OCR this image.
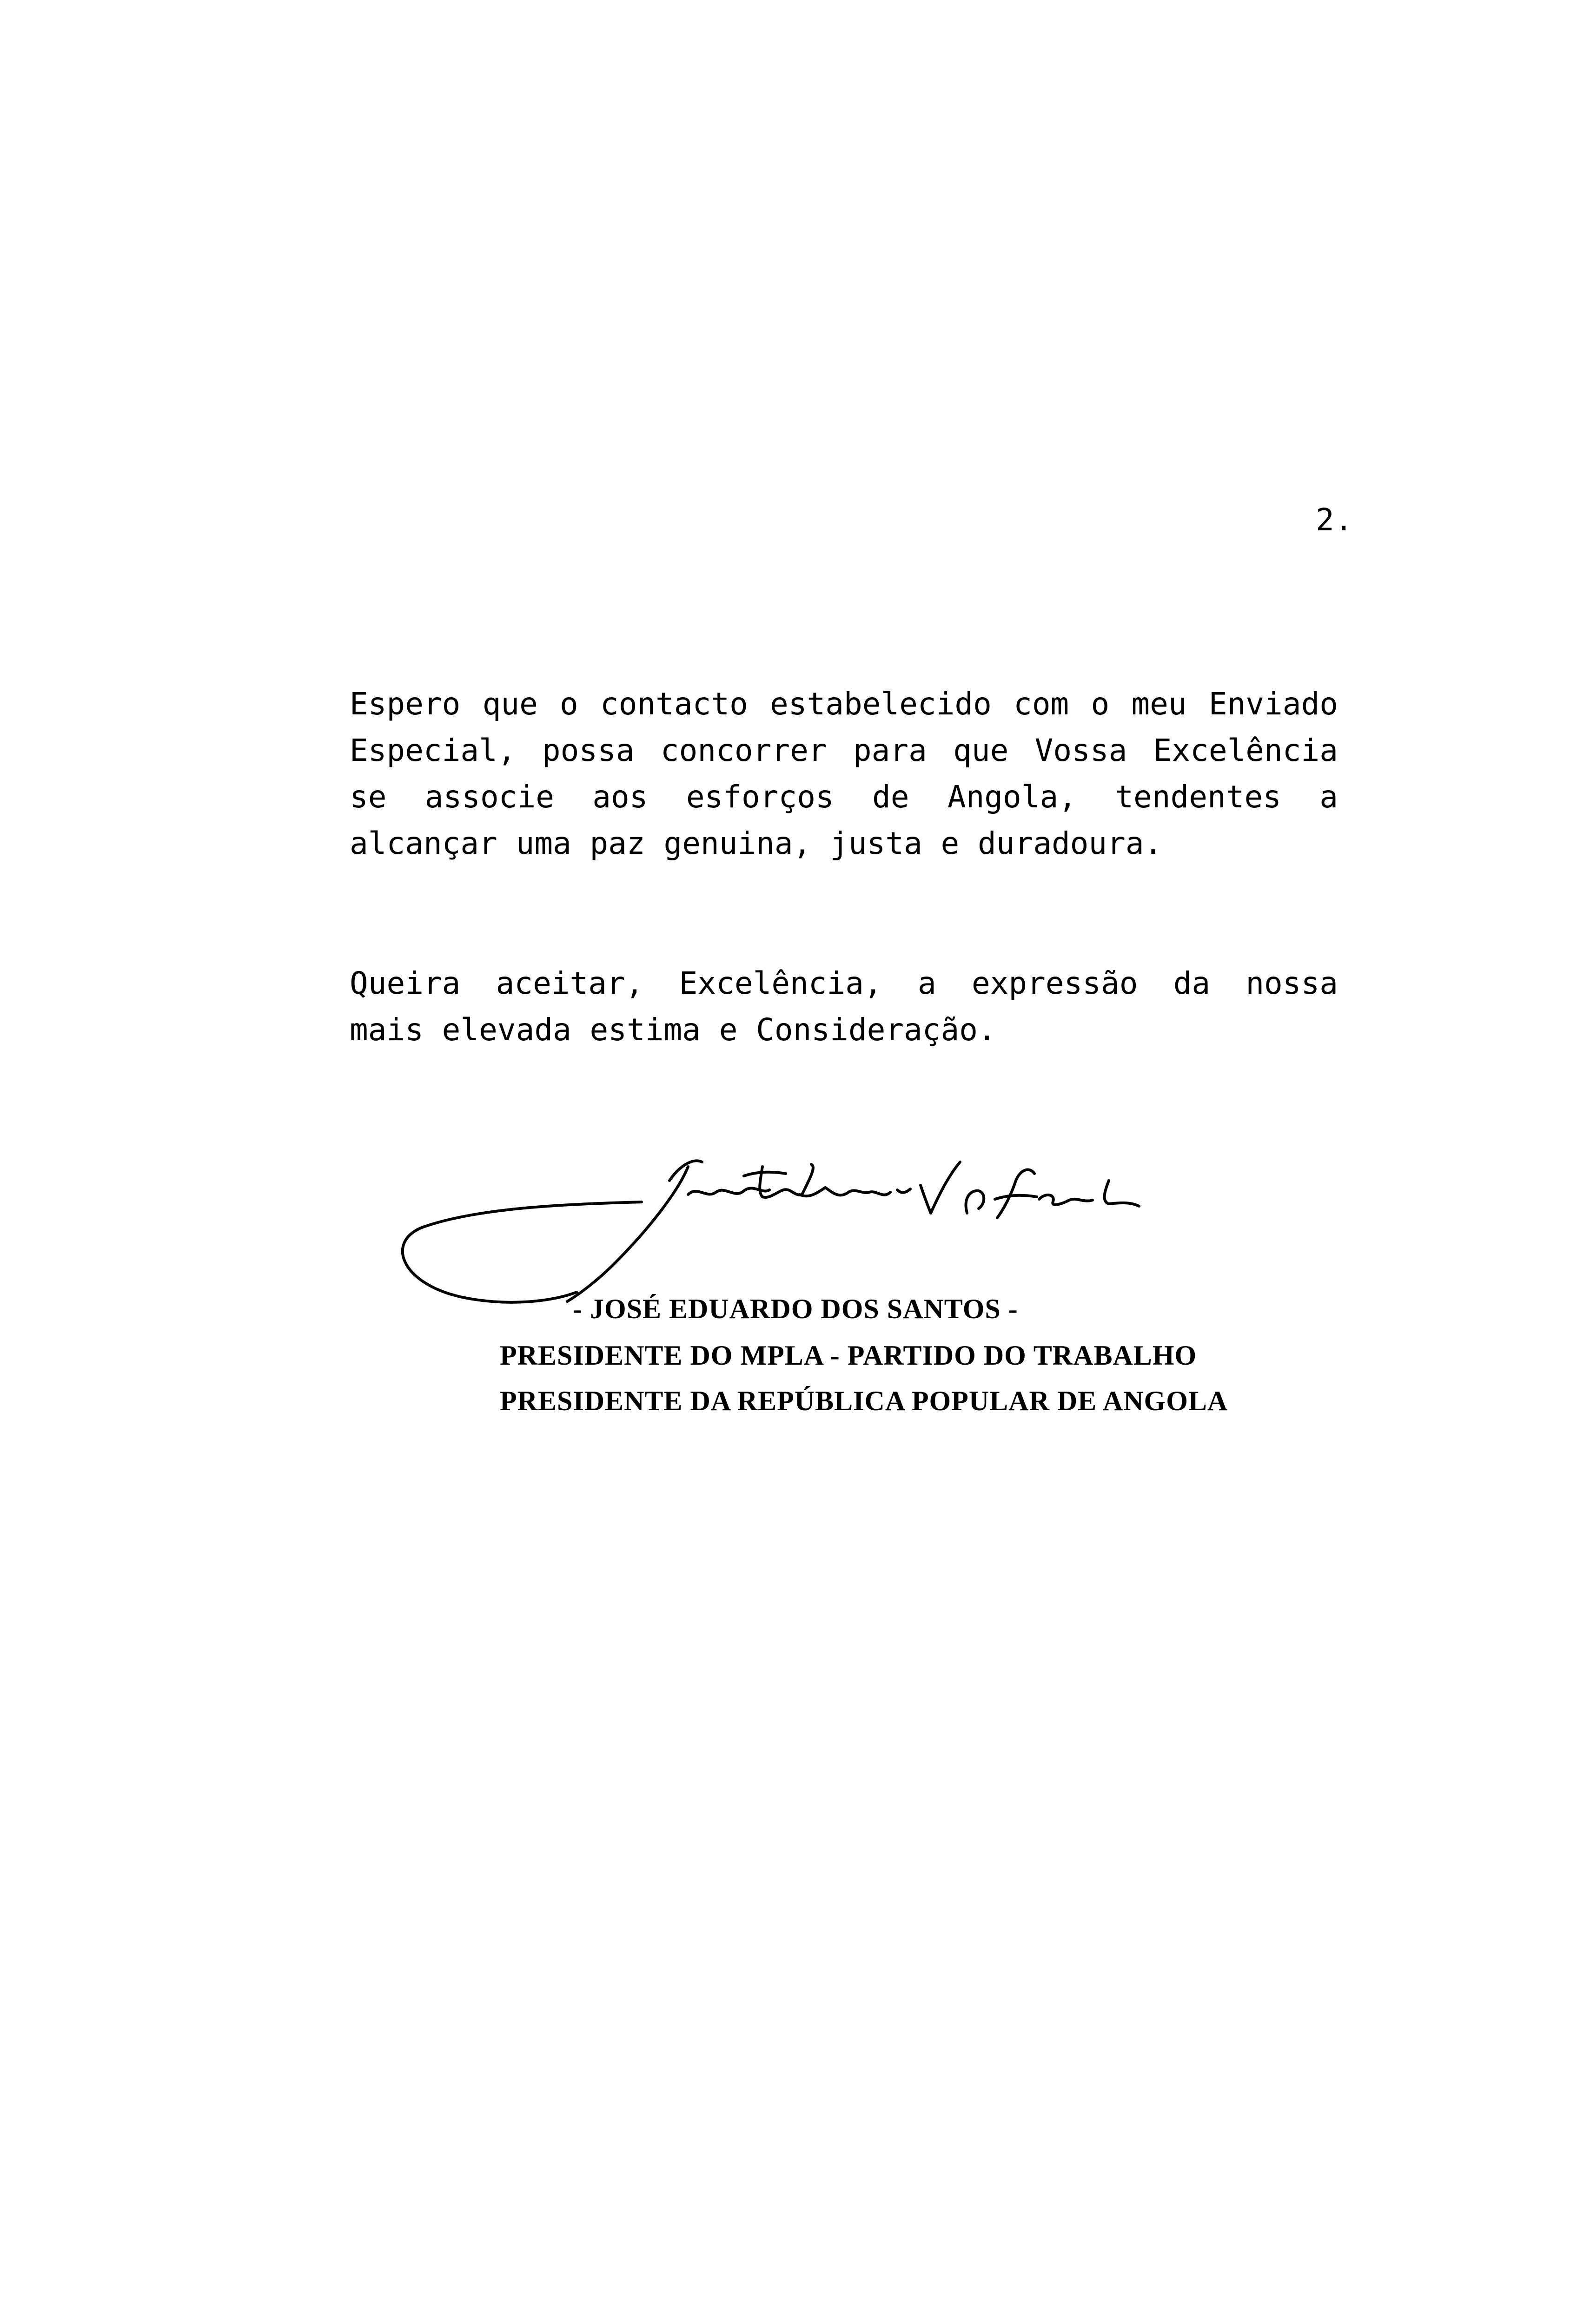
2.
Espero que o contacto estabelecido com o meu Enviado
Especial, possa concorrer para que Vossa Excelência
se associe aos esforços de Angola, tendentes a
alcançar uma paz genuina, justa e duradoura.
Queira aceitar, Excelência, a expressão da nossa
mais elevada estima e Consideração.
- JOSÉ EDUARDO DOS SANTOS -
PRESIDENTE DO MPLA - PARTIDO DO TRABALHO
PRESIDENTE DA REPÚBLICA POPULAR DE ANGOLA
